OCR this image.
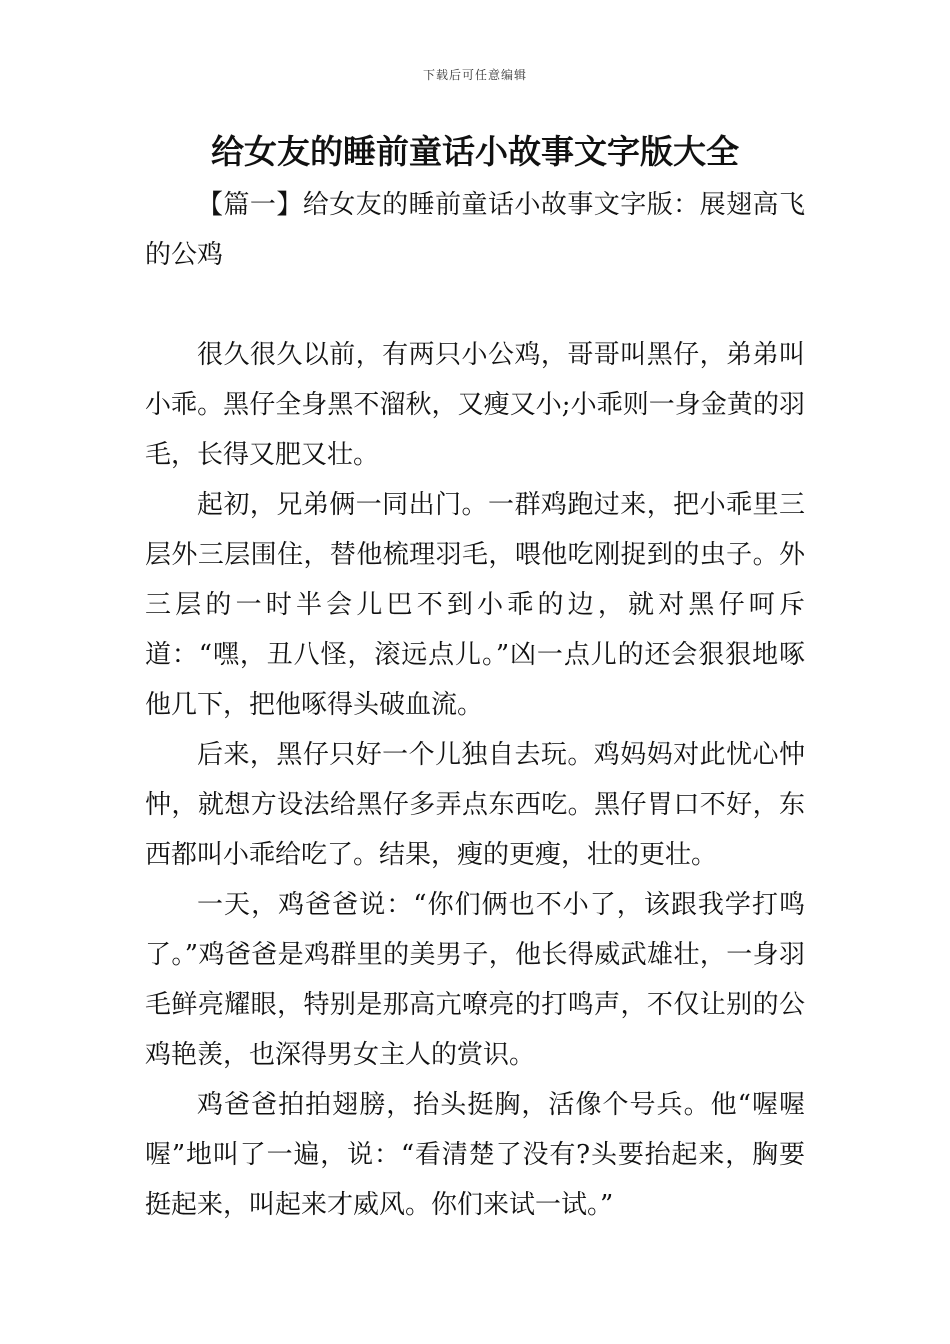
下载后可任意编辑
给女友的睡前童话小故事文字版大全

【篇一】给女友的睡前童话小故事文字版：展翅高飞的公鸡

很久很久以前，有两只小公鸡，哥哥叫黑仔，弟弟叫小乖。黑仔全身黑不溜秋，又瘦又小;小乖则一身金黄的羽毛，长得又肥又壮。

起初，兄弟俩一同出门。一群鸡跑过来，把小乖里三层外三层围住，替他梳理羽毛，喂他吃刚捉到的虫子。外三层的一时半会儿巴不到小乖的边，就对黑仔呵斥道：“嘿，丑八怪，滚远点儿。”凶一点儿的还会狠狠地啄他几下，把他啄得头破血流。

后来，黑仔只好一个儿独自去玩。鸡妈妈对此忧心忡忡，就想方设法给黑仔多弄点东西吃。黑仔胃口不好，东西都叫小乖给吃了。结果，瘦的更瘦，壮的更壮。

一天，鸡爸爸说：“你们俩也不小了，该跟我学打鸣了。”鸡爸爸是鸡群里的美男子，他长得威武雄壮，一身羽毛鲜亮耀眼，特别是那高亢嘹亮的打鸣声，不仅让别的公鸡艳羡，也深得男女主人的赏识。

鸡爸爸拍拍翅膀，抬头挺胸，活像个号兵。他“喔喔喔”地叫了一遍，说：“看清楚了没有?头要抬起来，胸要挺起来，叫起来才威风。你们来试一试。”
